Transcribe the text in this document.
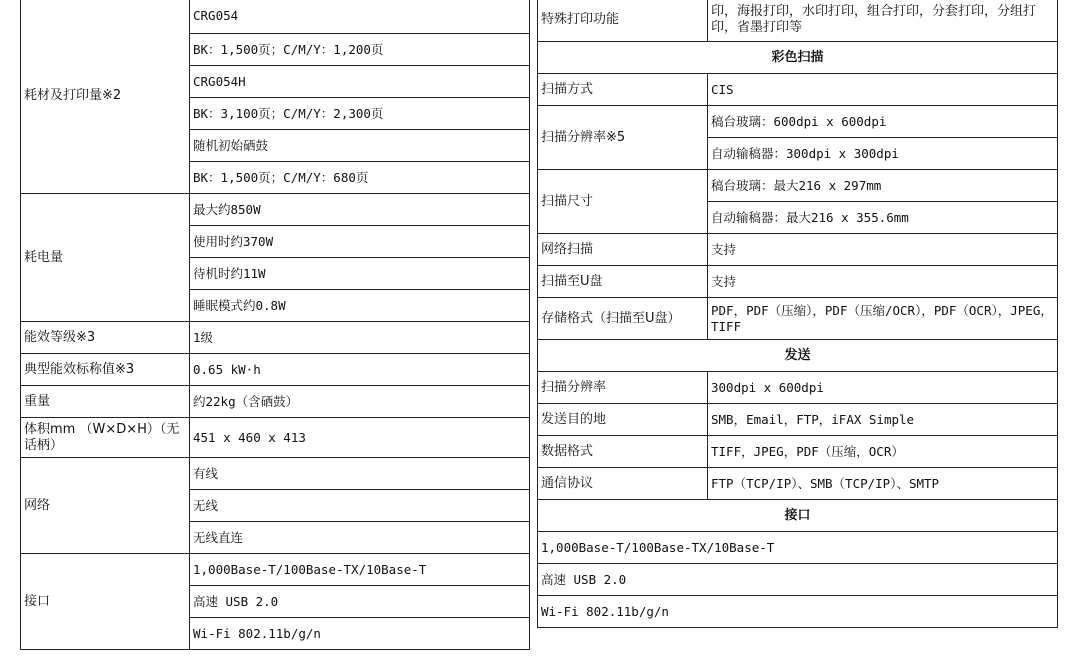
耗材及打印量※2	CRG054
	BK：1,500页；C/M/Y：1,200页
	CRG054H
	BK：3,100页；C/M/Y：2,300页
	随机初始硒鼓
	BK：1,500页；C/M/Y：680页
耗电量	最大约850W
	使用时约370W
	待机时约11W
	睡眠模式约0.8W
能效等级※3	1级
典型能效标称值※3	0.65 kW·h
重量	约22kg（含硒鼓）
体积mm （W×D×H）（无话柄）	451 x 460 x 413
网络	有线
	无线
	无线直连
接口	1,000Base-T/100Base-TX/10Base-T
	高速 USB 2.0
	Wi-Fi 802.11b/g/n
特殊打印功能	印，海报打印，水印打印，组合打印，分套打印，分组打印，省墨打印等
彩色扫描	
扫描方式	CIS
扫描分辨率※5	稿台玻璃：600dpi x 600dpi
	自动输稿器：300dpi x 300dpi
扫描尺寸	稿台玻璃：最大216 x 297mm
	自动输稿器：最大216 x 355.6mm
网络扫描	支持
扫描至U盘	支持
存储格式（扫描至U盘）	PDF，PDF（压缩），PDF（压缩/OCR），PDF（OCR），JPEG，TIFF
发送	
扫描分辨率	300dpi x 600dpi
发送目的地	SMB，Email，FTP，iFAX Simple
数据格式	TIFF，JPEG，PDF（压缩，OCR）
通信协议	FTP（TCP/IP）、SMB（TCP/IP）、SMTP
接口	
1,000Base-T/100Base-TX/10Base-T	
高速 USB 2.0	
Wi-Fi 802.11b/g/n	
